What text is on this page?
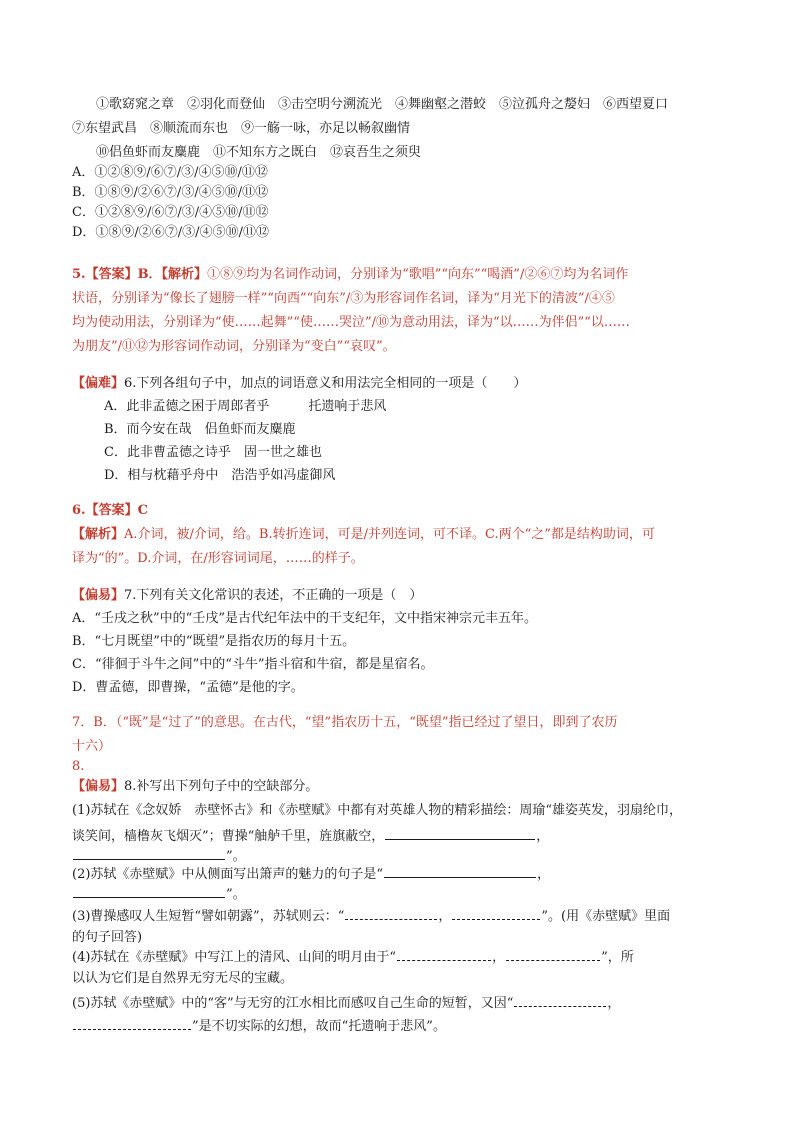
①歌窈窕之章　②羽化而登仙　③击空明兮溯流光　④舞幽壑之潜蛟　⑤泣孤舟之嫠妇　⑥西望夏口
⑦东望武昌　⑧顺流而东也　⑨一觞一咏，亦足以畅叙幽情
⑩侣鱼虾而友麋鹿　⑪不知东方之既白　⑫哀吾生之须臾
A．①②⑧⑨/⑥⑦/③/④⑤⑩/⑪⑫
B．①⑧⑨/②⑥⑦/③/④⑤⑩/⑪⑫
C．①②⑧⑨/⑥⑦/③/④⑤⑩/⑪⑫
D．①⑧⑨/②⑥⑦/③/④⑤⑩/⑪⑫
5.【答案】B．【解析】①⑧⑨均为名词作动词，分别译为“歌唱”“向东”“喝酒”/②⑥⑦均为名词作
状语，分别译为“像长了翅膀一样”“向西”“向东”/③为形容词作名词，译为“月光下的清波”/④⑤
均为使动用法，分别译为“使……起舞”“使……哭泣”/⑩为意动用法，译为“以……为伴侣”“以……
为朋友”/⑪⑫为形容词作动词，分别译为“变白”“哀叹”。
【偏难】6.下列各组句子中，加点的词语意义和用法完全相同的一项是（　　）
A．此非孟德之困于周郎者乎　　　托遗响于悲风
B．而今安在哉　侣鱼虾而友麋鹿
C．此非曹孟德之诗乎　固一世之雄也
D．相与枕藉乎舟中　浩浩乎如冯虚御风
6.【答案】C
【解析】A.介词，被/介词，给。B.转折连词，可是/并列连词，可不译。C.两个“之”都是结构助词，可
译为“的”。D.介词，在/形容词词尾，……的样子。
【偏易】7.下列有关文化常识的表述，不正确的一项是（　）
A．“壬戌之秋”中的“壬戌”是古代纪年法中的干支纪年，文中指宋神宗元丰五年。
B．“七月既望”中的“既望”是指农历的每月十五。
C．“徘徊于斗牛之间”中的“斗牛”指斗宿和牛宿，都是星宿名。
D．曹孟德，即曹操，“孟德”是他的字。
7．B．（“既”是“过了”的意思。在古代，“望”指农历十五，“既望”指已经过了望日，即到了农历
十六）
8.
【偏易】8.补写出下列句子中的空缺部分。
(1)苏轼在《念奴娇　赤壁怀古》和《赤壁赋》中都有对英雄人物的精彩描绘：周瑜“雄姿英发，羽扇纶巾，
谈笑间，樯橹灰飞烟灭”；曹操“舳舻千里，旌旗蔽空，	，
”。
(2)苏轼《赤壁赋》中从侧面写出箫声的魅力的句子是“	，
”。
(3)曹操感叹人生短暂“譬如朝露”，苏轼则云：“	，	”。(用《赤壁赋》里面
的句子回答)
(4)苏轼在《赤壁赋》中写江上的清风、山间的明月由于“	，	”，所
以认为它们是自然界无穷无尽的宝藏。
(5)苏轼《赤壁赋》中的“客”与无穷的江水相比而感叹自己生命的短暂，又因“	，
”是不切实际的幻想，故而“托遗响于悲风”。
